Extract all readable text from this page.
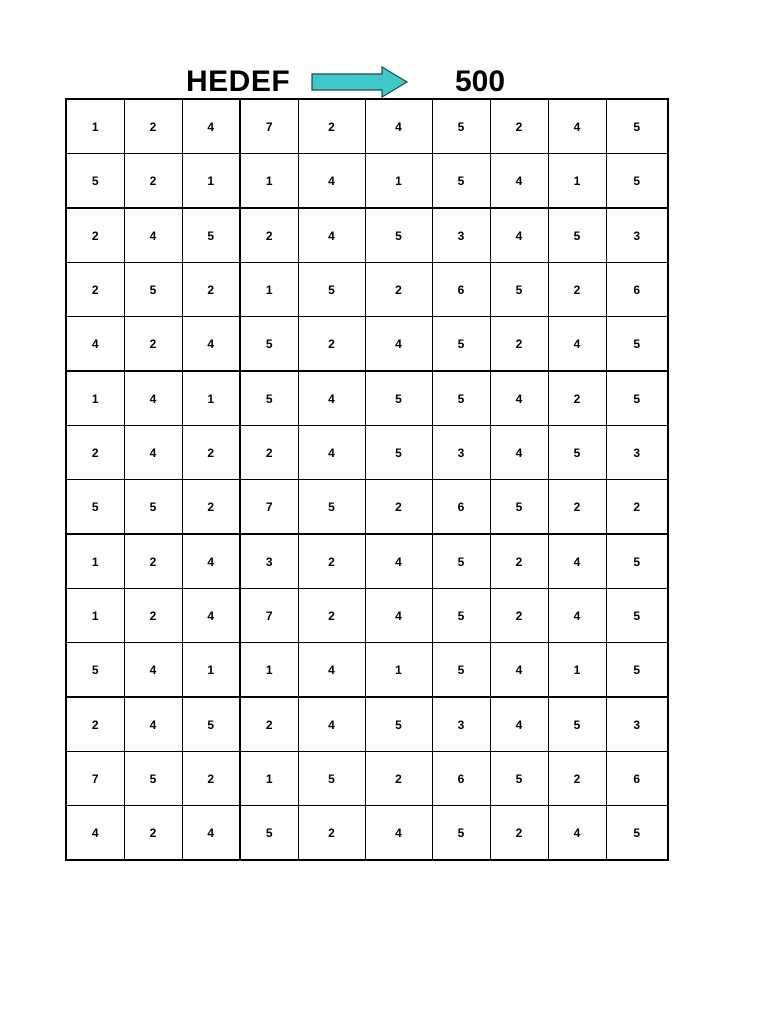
HEDEF	500
1	2	4	7	2	4	5	2	4	5
5	2	1	1	4	1	5	4	1	5
2	4	5	2	4	5	3	4	5	3
2	5	2	1	5	2	6	5	2	6
4	2	4	5	2	4	5	2	4	5
1	4	1	5	4	5	5	4	2	5
2	4	2	2	4	5	3	4	5	3
5	5	2	7	5	2	6	5	2	2
1	2	4	3	2	4	5	2	4	5
1	2	4	7	2	4	5	2	4	5
5	4	1	1	4	1	5	4	1	5
2	4	5	2	4	5	3	4	5	3
7	5	2	1	5	2	6	5	2	6
4	2	4	5	2	4	5	2	4	5
